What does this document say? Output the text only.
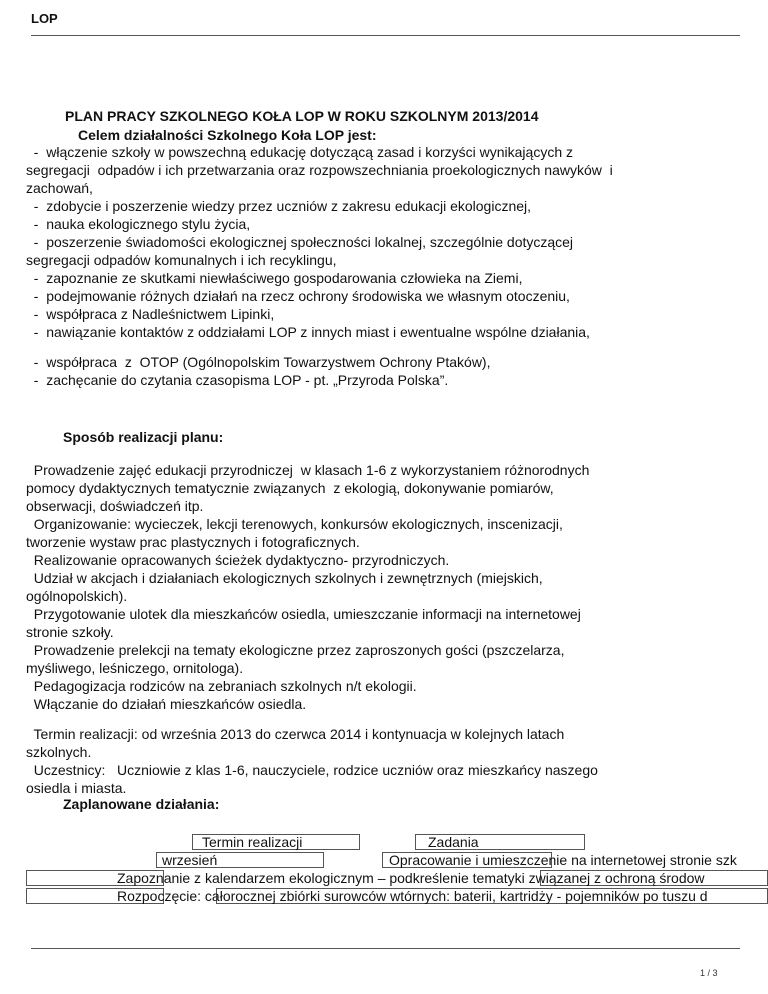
LOP
PLAN PRACY SZKOLNEGO KOŁA LOP W ROKU SZKOLNYM 2013/2014
Celem działalności Szkolnego Koła LOP jest:
-  włączenie szkoły w powszechną edukację dotyczącą zasad i korzyści wynikających z
segregacji  odpadów i ich przetwarzania oraz rozpowszechniania proekologicznych nawyków  i
zachowań,
-  zdobycie i poszerzenie wiedzy przez uczniów z zakresu edukacji ekologicznej,
-  nauka ekologicznego stylu życia,
-  poszerzenie świadomości ekologicznej społeczności lokalnej, szczególnie dotyczącej
segregacji odpadów komunalnych i ich recyklingu,
-  zapoznanie ze skutkami niewłaściwego gospodarowania człowieka na Ziemi,
-  podejmowanie różnych działań na rzecz ochrony środowiska we własnym otoczeniu,
-  współpraca z Nadleśnictwem Lipinki,
-  nawiązanie kontaktów z oddziałami LOP z innych miast i ewentualne wspólne działania,
-  współpraca  z  OTOP (Ogólnopolskim Towarzystwem Ochrony Ptaków),
-  zachęcanie do czytania czasopisma LOP - pt. „Przyroda Polska”.
Sposób realizacji planu:
Prowadzenie zajęć edukacji przyrodniczej  w klasach 1-6 z wykorzystaniem różnorodnych
pomocy dydaktycznych tematycznie związanych  z ekologią, dokonywanie pomiarów,
obserwacji, doświadczeń itp.
Organizowanie: wycieczek, lekcji terenowych, konkursów ekologicznych, inscenizacji,
tworzenie wystaw prac plastycznych i fotograficznych.
Realizowanie opracowanych ścieżek dydaktyczno- przyrodniczych.
Udział w akcjach i działaniach ekologicznych szkolnych i zewnętrznych (miejskich,
ogólnopolskich).
Przygotowanie ulotek dla mieszkańców osiedla, umieszczanie informacji na internetowej
stronie szkoły.
Prowadzenie prelekcji na tematy ekologiczne przez zaproszonych gości (pszczelarza,
myśliwego, leśniczego, ornitologa).
Pedagogizacja rodziców na zebraniach szkolnych n/t ekologii.
Włączanie do działań mieszkańców osiedla.
Termin realizacji: od września 2013 do czerwca 2014 i kontynuacja w kolejnych latach
szkolnych.
Uczestnicy:   Uczniowie z klas 1-6, nauczyciele, rodzice uczniów oraz mieszkańcy naszego
osiedla i miasta.
Zaplanowane działania:
Termin realizacji	Zadania
wrzesień	Opracowanie i umieszczenie na internetowej stronie szk
Zapoznanie z kalendarzem ekologicznym – podkreślenie tematyki związanej z ochroną środow
Rozpoczęcie: całorocznej zbiórki surowców wtórnych: baterii, kartridży - pojemników po tuszu d
1 / 3
